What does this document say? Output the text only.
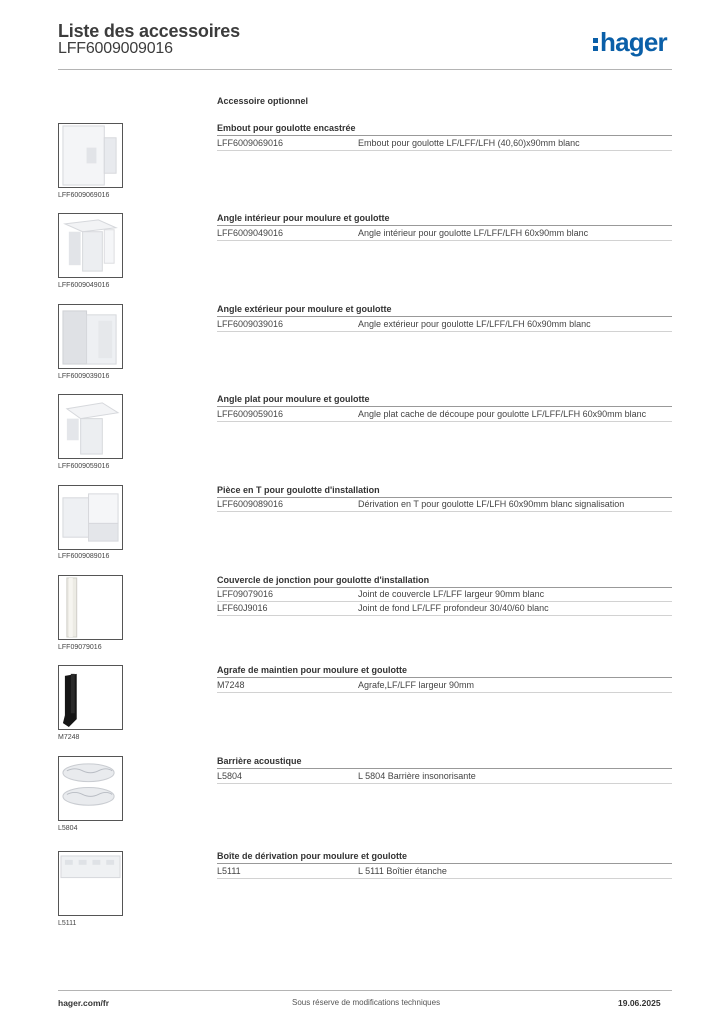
Liste des accessoires
LFF6009009016	hager
Accessoire optionnel
LFF6009069016
Embout pour goulotte encastrée
LFF6009069016	Embout pour goulotte LF/LFF/LFH (40,60)x90mm blanc
LFF6009049016
Angle intérieur pour moulure et goulotte
LFF6009049016	Angle intérieur pour goulotte LF/LFF/LFH 60x90mm blanc
LFF6009039016
Angle extérieur pour moulure et goulotte
LFF6009039016	Angle extérieur pour goulotte LF/LFF/LFH 60x90mm blanc
LFF6009059016
Angle plat pour moulure et goulotte
LFF6009059016	Angle plat cache de découpe pour goulotte LF/LFF/LFH 60x90mm blanc
LFF6009089016
Pièce en T pour goulotte d'installation
LFF6009089016	Dérivation en T pour goulotte LF/LFH 60x90mm blanc signalisation
LFF09079016
Couvercle de jonction pour goulotte d'installation
LFF09079016	Joint de couvercle LF/LFF largeur 90mm blanc
LFF60J9016	Joint de fond LF/LFF profondeur 30/40/60 blanc
M7248
Agrafe de maintien pour moulure et goulotte
M7248	Agrafe,LF/LFF largeur 90mm
L5804
Barrière acoustique
L5804	L 5804 Barrière insonorisante
L5111
Boîte de dérivation pour moulure et goulotte
L5111	L 5111 Boîtier étanche
hager.com/fr	Sous réserve de modifications techniques	19.06.2025
